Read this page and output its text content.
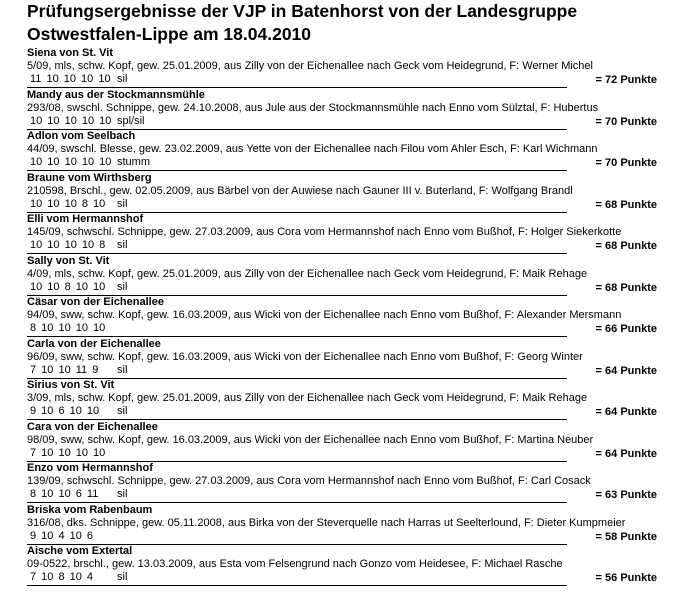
Prüfungsergebnisse der VJP in Batenhorst von der Landesgruppe Ostwestfalen-Lippe am 18.04.2010
Siena von St. Vit
5/09, mls, schw. Kopf, gew. 25.01.2009, aus Zilly von der Eichenallee nach Geck vom Heidegrund, F: Werner Michel
11 10 10 10 10 sil	= 72 Punkte
Mandy aus der Stockmannsmühle
293/08, swschl. Schnippe, gew. 24.10.2008, aus Jule aus der Stockmannsmühle nach Enno vom Sülztal, F: Hubertus
10 10 10 10 10 spl/sil	= 70 Punkte
Adlon vom Seelbach
44/09, swschl. Blesse, gew. 23.02.2009, aus Yette von der Eichenallee nach Filou vom Ahler Esch, F: Karl Wichmann
10 10 10 10 10 stumm	= 70 Punkte
Braune vom Wirthsberg
210598, Brschl., gew. 02.05.2009, aus Bärbel von der Auwiese nach Gauner III v. Buterland, F: Wolfgang Brandl
10 10 10 8 10 sil	= 68 Punkte
Elli vom Hermannshof
145/09, schwschl. Schnippe, gew. 27.03.2009, aus Cora vom Hermannshof nach Enno vom Bußhof, F: Holger Siekerkotte
10 10 10 10 8 sil	= 68 Punkte
Sally von St. Vit
4/09, mls, schw. Kopf, gew. 25.01.2009, aus Zilly von der Eichenallee nach Geck vom Heidegrund, F: Maik Rehage
10 10 8 10 10 sil	= 68 Punkte
Cäsar von der Eichenallee
94/09, sww, schw. Kopf, gew. 16.03.2009, aus Wicki von der Eichenallee nach Enno vom Bußhof, F: Alexander Mersmann
8 10 10 10 10	= 66 Punkte
Carla von der Eichenallee
96/09, sww, schw. Kopf, gew. 16.03.2009, aus Wicki von der Eichenallee nach Enno vom Bußhof, F: Georg Winter
7 10 10 11 9 sil	= 64 Punkte
Sirius von St. Vit
3/09, mls, schw. Kopf, gew. 25.01.2009, aus Zilly von der Eichenallee nach Geck vom Heidegrund, F: Maik Rehage
9 10 6 10 10 sil	= 64 Punkte
Cara von der Eichenallee
98/09, sww, schw. Kopf, gew. 16.03.2009, aus Wicki von der Eichenallee nach Enno vom Bußhof, F: Martina Neuber
7 10 10 10 10	= 64 Punkte
Enzo vom Hermannshof
139/09, schwschl. Schnippe, gew. 27.03.2009, aus Cora vom Hermannshof nach Enno vom Bußhof, F: Carl Cosack
8 10 10 6 11 sil	= 63 Punkte
Briska vom Rabenbaum
316/08, dks. Schnippe, gew. 05.11.2008, aus Birka von der Steverquelle nach Harras ut Seelterlound, F: Dieter Kumpmeier
9 10 4 10 6	= 58 Punkte
Aische vom Extertal
09-0522, brschl., gew. 13.03.2009, aus Esta vom Felsengrund nach Gonzo vom Heidesee, F: Michael Rasche
7 10 8 10 4 sil	= 56 Punkte
